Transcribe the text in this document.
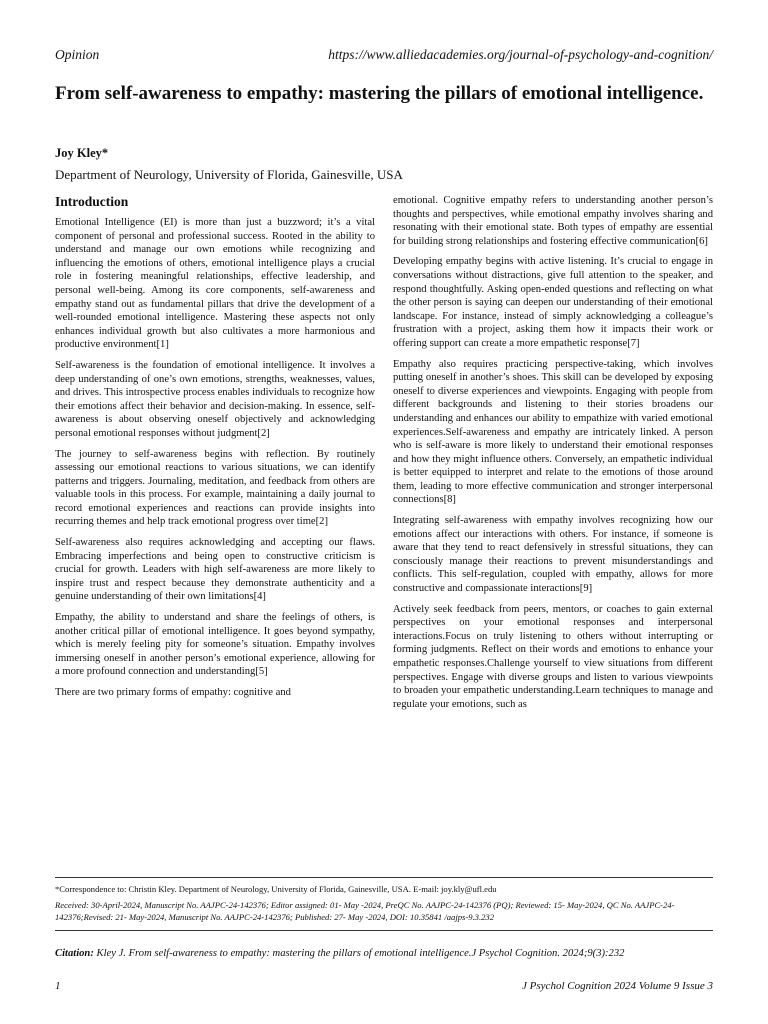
Opinion	https://www.alliedacademies.org/journal-of-psychology-and-cognition/
From self-awareness to empathy: mastering the pillars of emotional intelligence.
Joy Kley*
Department of Neurology, University of Florida, Gainesville, USA
Introduction

Emotional Intelligence (EI) is more than just a buzzword; it’s a vital component of personal and professional success. Rooted in the ability to understand and manage our own emotions while recognizing and influencing the emotions of others, emotional intelligence plays a crucial role in fostering meaningful relationships, effective leadership, and personal well-being. Among its core components, self-awareness and empathy stand out as fundamental pillars that drive the development of a well-rounded emotional intelligence. Mastering these aspects not only enhances individual growth but also cultivates a more harmonious and productive environment[1]

Self-awareness is the foundation of emotional intelligence. It involves a deep understanding of one’s own emotions, strengths, weaknesses, values, and drives. This introspective process enables individuals to recognize how their emotions affect their behavior and decision-making. In essence, self-awareness is about observing oneself objectively and acknowledging personal emotional responses without judgment[2]

The journey to self-awareness begins with reflection. By routinely assessing our emotional reactions to various situations, we can identify patterns and triggers. Journaling, meditation, and feedback from others are valuable tools in this process. For example, maintaining a daily journal to record emotional experiences and reactions can provide insights into recurring themes and help track emotional progress over time[2]

Self-awareness also requires acknowledging and accepting our flaws. Embracing imperfections and being open to constructive criticism is crucial for growth. Leaders with high self-awareness are more likely to inspire trust and respect because they demonstrate authenticity and a genuine understanding of their own limitations[4]

Empathy, the ability to understand and share the feelings of others, is another critical pillar of emotional intelligence. It goes beyond sympathy, which is merely feeling pity for someone’s situation. Empathy involves immersing oneself in another person’s emotional experience, allowing for a more profound connection and understanding[5]

There are two primary forms of empathy: cognitive and

emotional. Cognitive empathy refers to understanding another person’s thoughts and perspectives, while emotional empathy involves sharing and resonating with their emotional state. Both types of empathy are essential for building strong relationships and fostering effective communication[6]

Developing empathy begins with active listening. It’s crucial to engage in conversations without distractions, give full attention to the speaker, and respond thoughtfully. Asking open-ended questions and reflecting on what the other person is saying can deepen our understanding of their emotional landscape. For instance, instead of simply acknowledging a colleague’s frustration with a project, asking them how it impacts their work or offering support can create a more empathetic response[7]

Empathy also requires practicing perspective-taking, which involves putting oneself in another’s shoes. This skill can be developed by exposing oneself to diverse experiences and viewpoints. Engaging with people from different backgrounds and listening to their stories broadens our understanding and enhances our ability to empathize with varied emotional experiences.Self-awareness and empathy are intricately linked. A person who is self-aware is more likely to understand their emotional responses and how they might influence others. Conversely, an empathetic individual is better equipped to interpret and relate to the emotions of those around them, leading to more effective communication and stronger interpersonal connections[8]

Integrating self-awareness with empathy involves recognizing how our emotions affect our interactions with others. For instance, if someone is aware that they tend to react defensively in stressful situations, they can consciously manage their reactions to prevent misunderstandings and conflicts. This self-regulation, coupled with empathy, allows for more constructive and compassionate interactions[9]

Actively seek feedback from peers, mentors, or coaches to gain external perspectives on your emotional responses and interpersonal interactions.Focus on truly listening to others without interrupting or forming judgments. Reflect on their words and emotions to enhance your empathetic responses.Challenge yourself to view situations from different perspectives. Engage with diverse groups and listen to various viewpoints to broaden your empathetic understanding.Learn techniques to manage and regulate your emotions, such as

*Correspondence to: Christin Kley. Department of Neurology, University of Florida, Gainesville, USA. E-mail: joy.kly@ufl.edu
Received: 30-April-2024, Manuscript No. AAJPC-24-142376; Editor assigned: 01- May -2024, PreQC No. AAJPC-24-142376 (PQ); Reviewed: 15- May-2024, QC No. AAJPC-24-142376;Revised: 21- May-2024, Manuscript No. AAJPC-24-142376; Published: 27- May -2024, DOI: 10.35841 /aajps-9.3.232
Citation: Kley J. From self-awareness to empathy: mastering the pillars of emotional intelligence.J Psychol Cognition. 2024;9(3):232
1	J Psychol Cognition 2024 Volume 9 Issue 3
